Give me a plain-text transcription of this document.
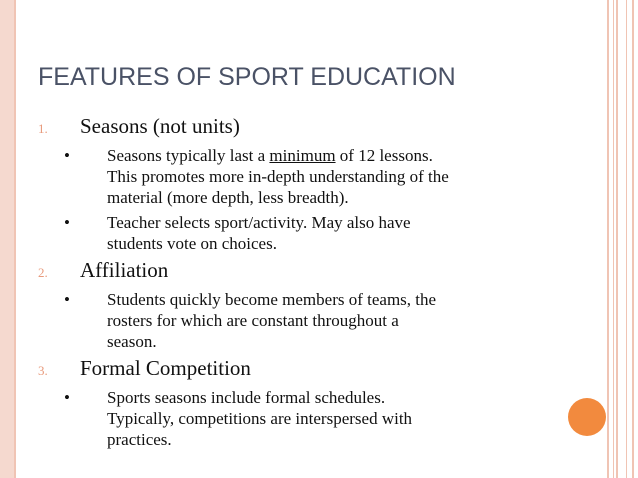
FEATURES OF SPORT EDUCATION
1. Seasons (not units)
• Seasons typically last a minimum of 12 lessons.
This promotes more in-depth understanding of the
material (more depth, less breadth).
• Teacher selects sport/activity. May also have
students vote on choices.
2. Affiliation
• Students quickly become members of teams, the
rosters for which are constant throughout a
season.
3. Formal Competition
• Sports seasons include formal schedules.
Typically, competitions are interspersed with
practices.
